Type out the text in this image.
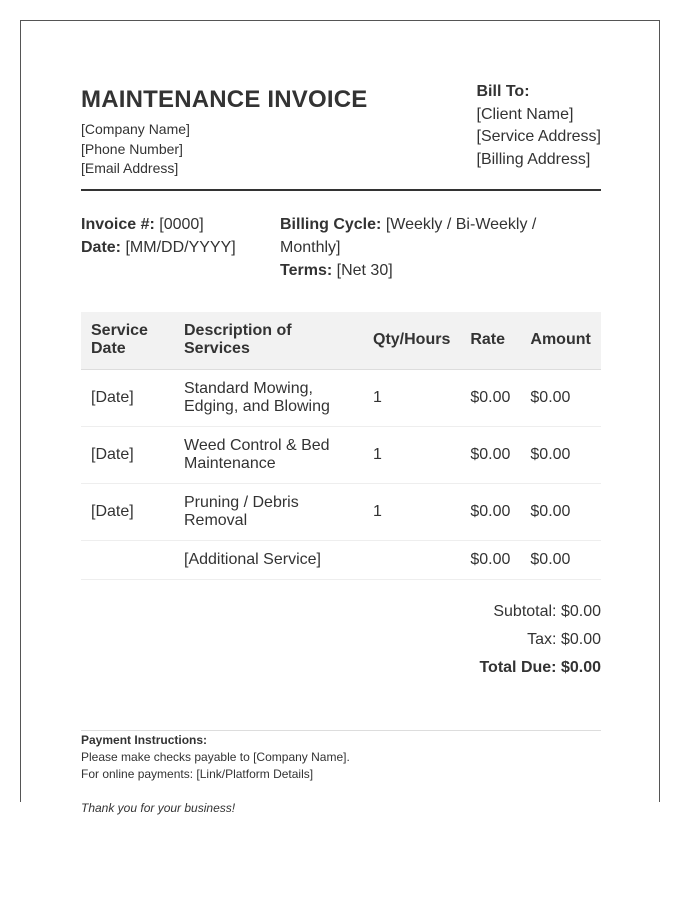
MAINTENANCE INVOICE
[Company Name]
[Phone Number]
[Email Address]
Bill To:
[Client Name]
[Service Address]
[Billing Address]
Invoice #: [0000]
Date: [MM/DD/YYYY]
Billing Cycle: [Weekly / Bi-Weekly / Monthly]
Terms: [Net 30]
Service Date	Description of Services	Qty/Hours	Rate	Amount
[Date]	Standard Mowing, Edging, and Blowing	1	$0.00	$0.00
[Date]	Weed Control & Bed Maintenance	1	$0.00	$0.00
[Date]	Pruning / Debris Removal	1	$0.00	$0.00
	[Additional Service]		$0.00	$0.00
Subtotal: $0.00
Tax: $0.00
Total Due: $0.00
Payment Instructions:
Please make checks payable to [Company Name].
For online payments: [Link/Platform Details]
Thank you for your business!
